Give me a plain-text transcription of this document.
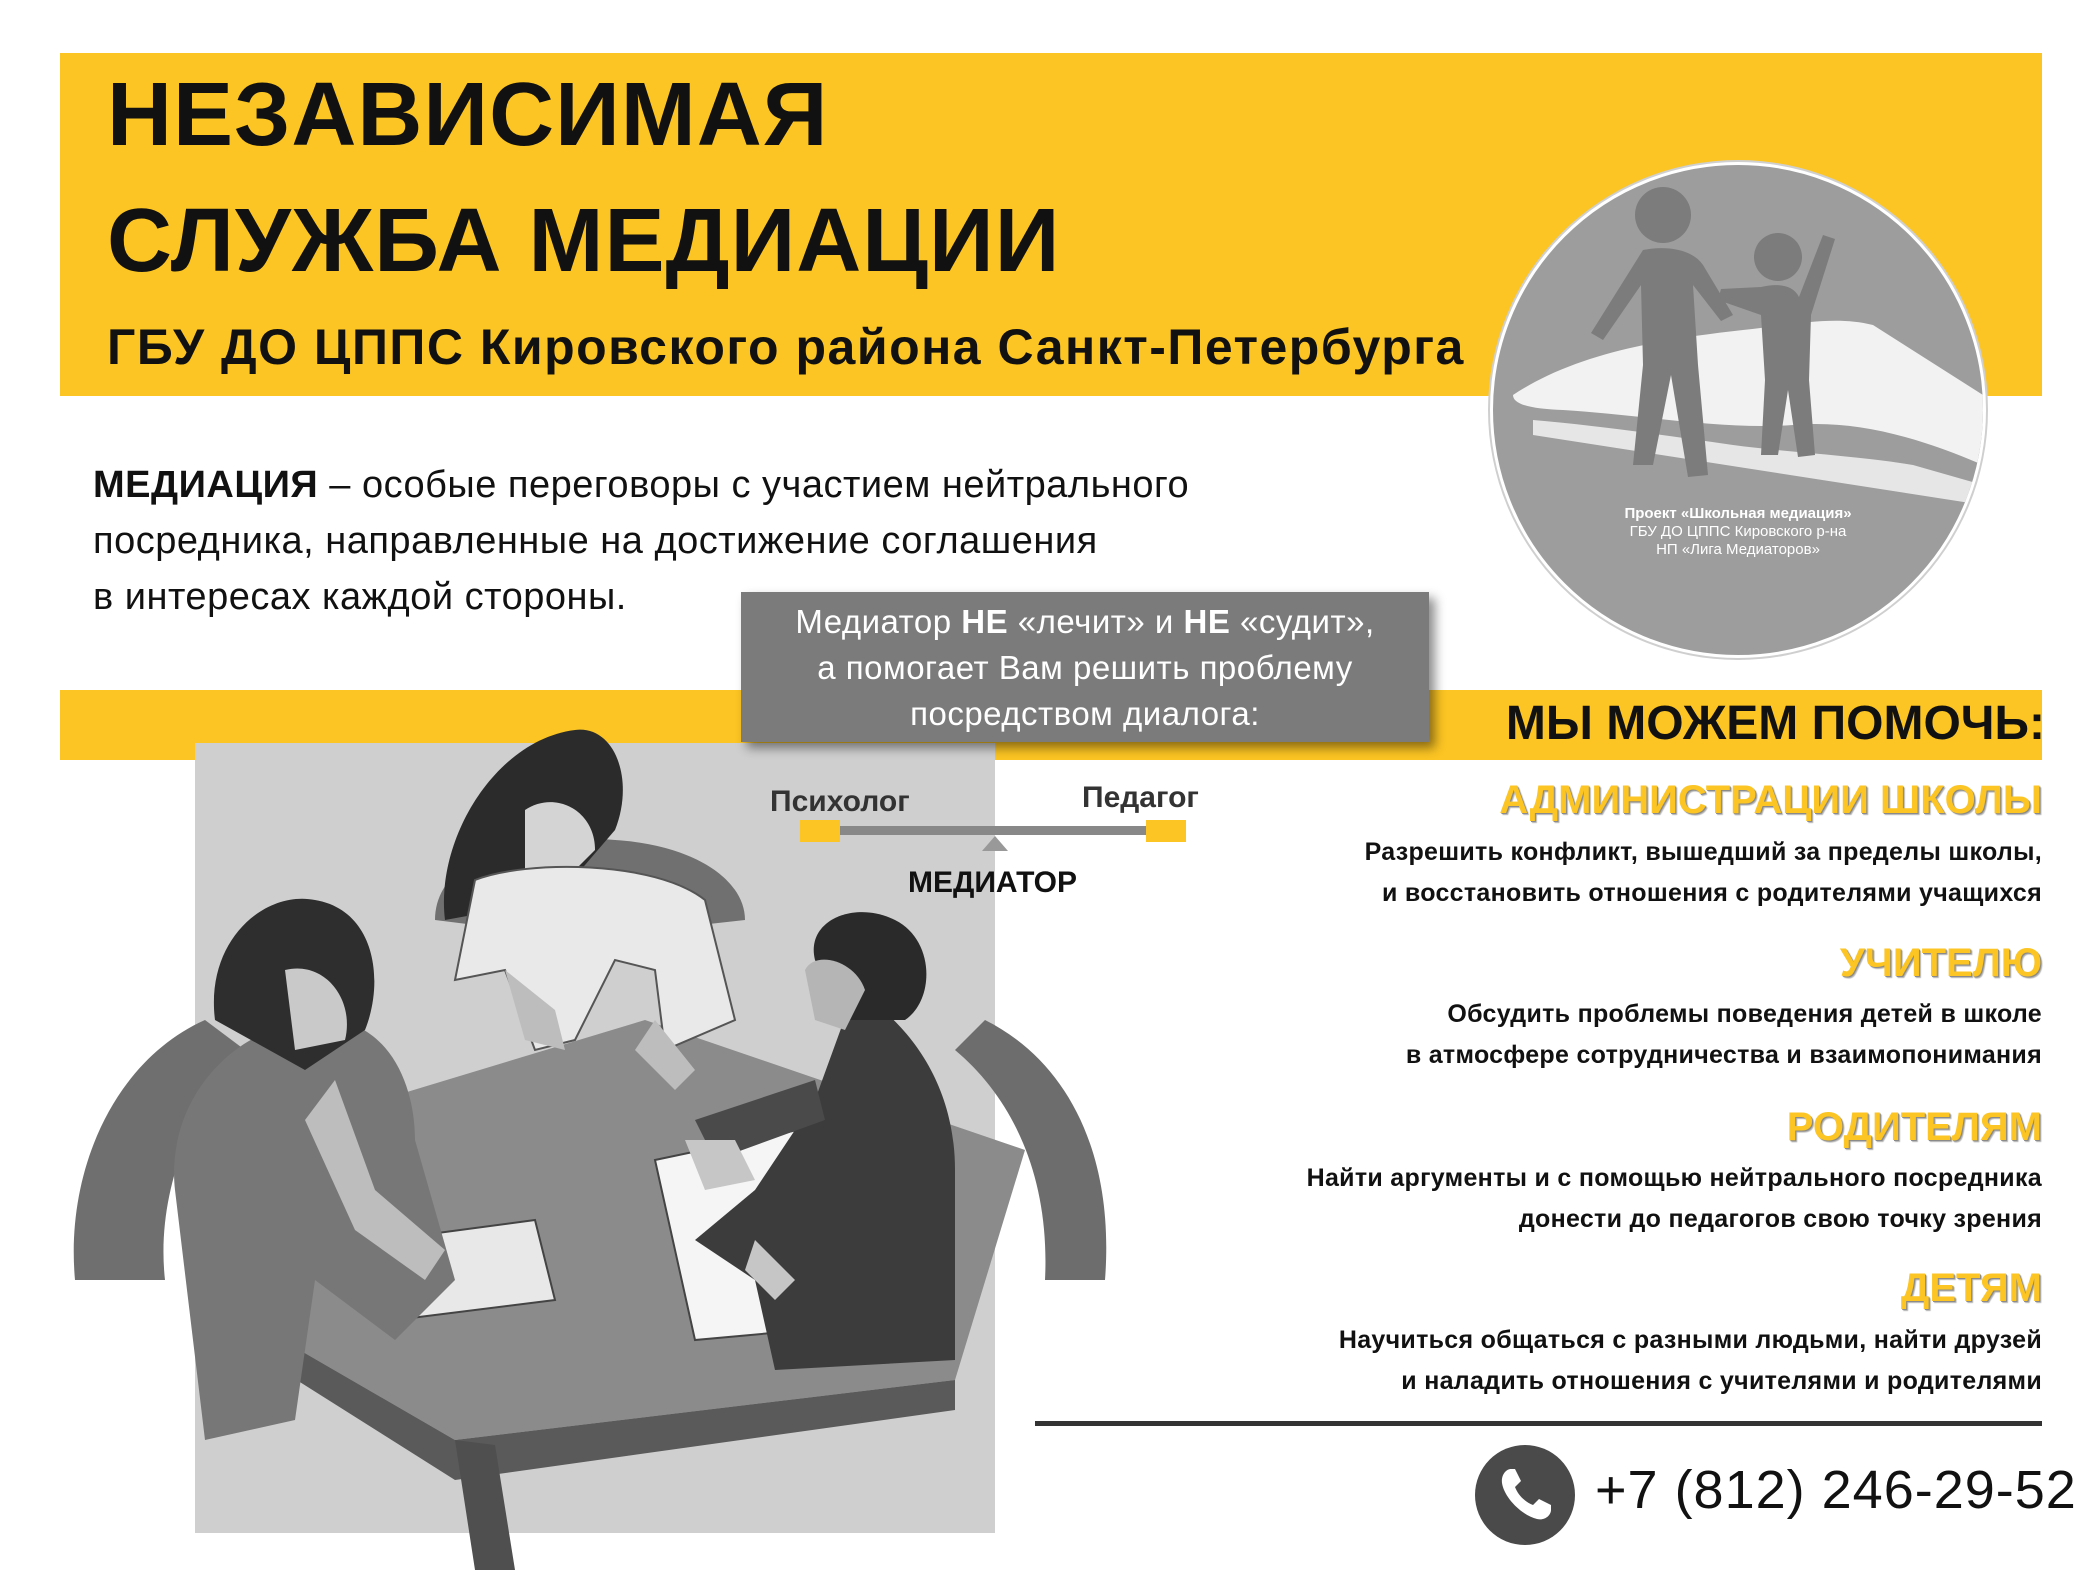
НЕЗАВИСИМАЯ
СЛУЖБА МЕДИАЦИИ
ГБУ ДО ЦППС Кировского района Санкт-Петербурга
Проект «Школьная медиация»
ГБУ ДО ЦППС Кировского р-на
НП «Лига Медиаторов»
МЕДИАЦИЯ – особые переговоры с участием нейтрального
посредника, направленные на достижение соглашения
в интересах каждой стороны.
Медиатор НЕ «лечит» и НЕ «судит»,
а помогает Вам решить проблему
посредством диалога:
Психолог	Педагог
МЕДИАТОР
МЫ МОЖЕМ ПОМОЧЬ:
АДМИНИСТРАЦИИ ШКОЛЫ
Разрешить конфликт, вышедший за пределы школы,
и восстановить отношения с родителями учащихся
УЧИТЕЛЮ
Обсудить проблемы поведения детей в школе
в атмосфере сотрудничества и взаимопонимания
РОДИТЕЛЯМ
Найти аргументы и с помощью нейтрального посредника
донести до педагогов свою точку зрения
ДЕТЯМ
Научиться общаться с разными людьми, найти друзей
и наладить отношения с учителями и родителями
+7 (812) 246-29-52
